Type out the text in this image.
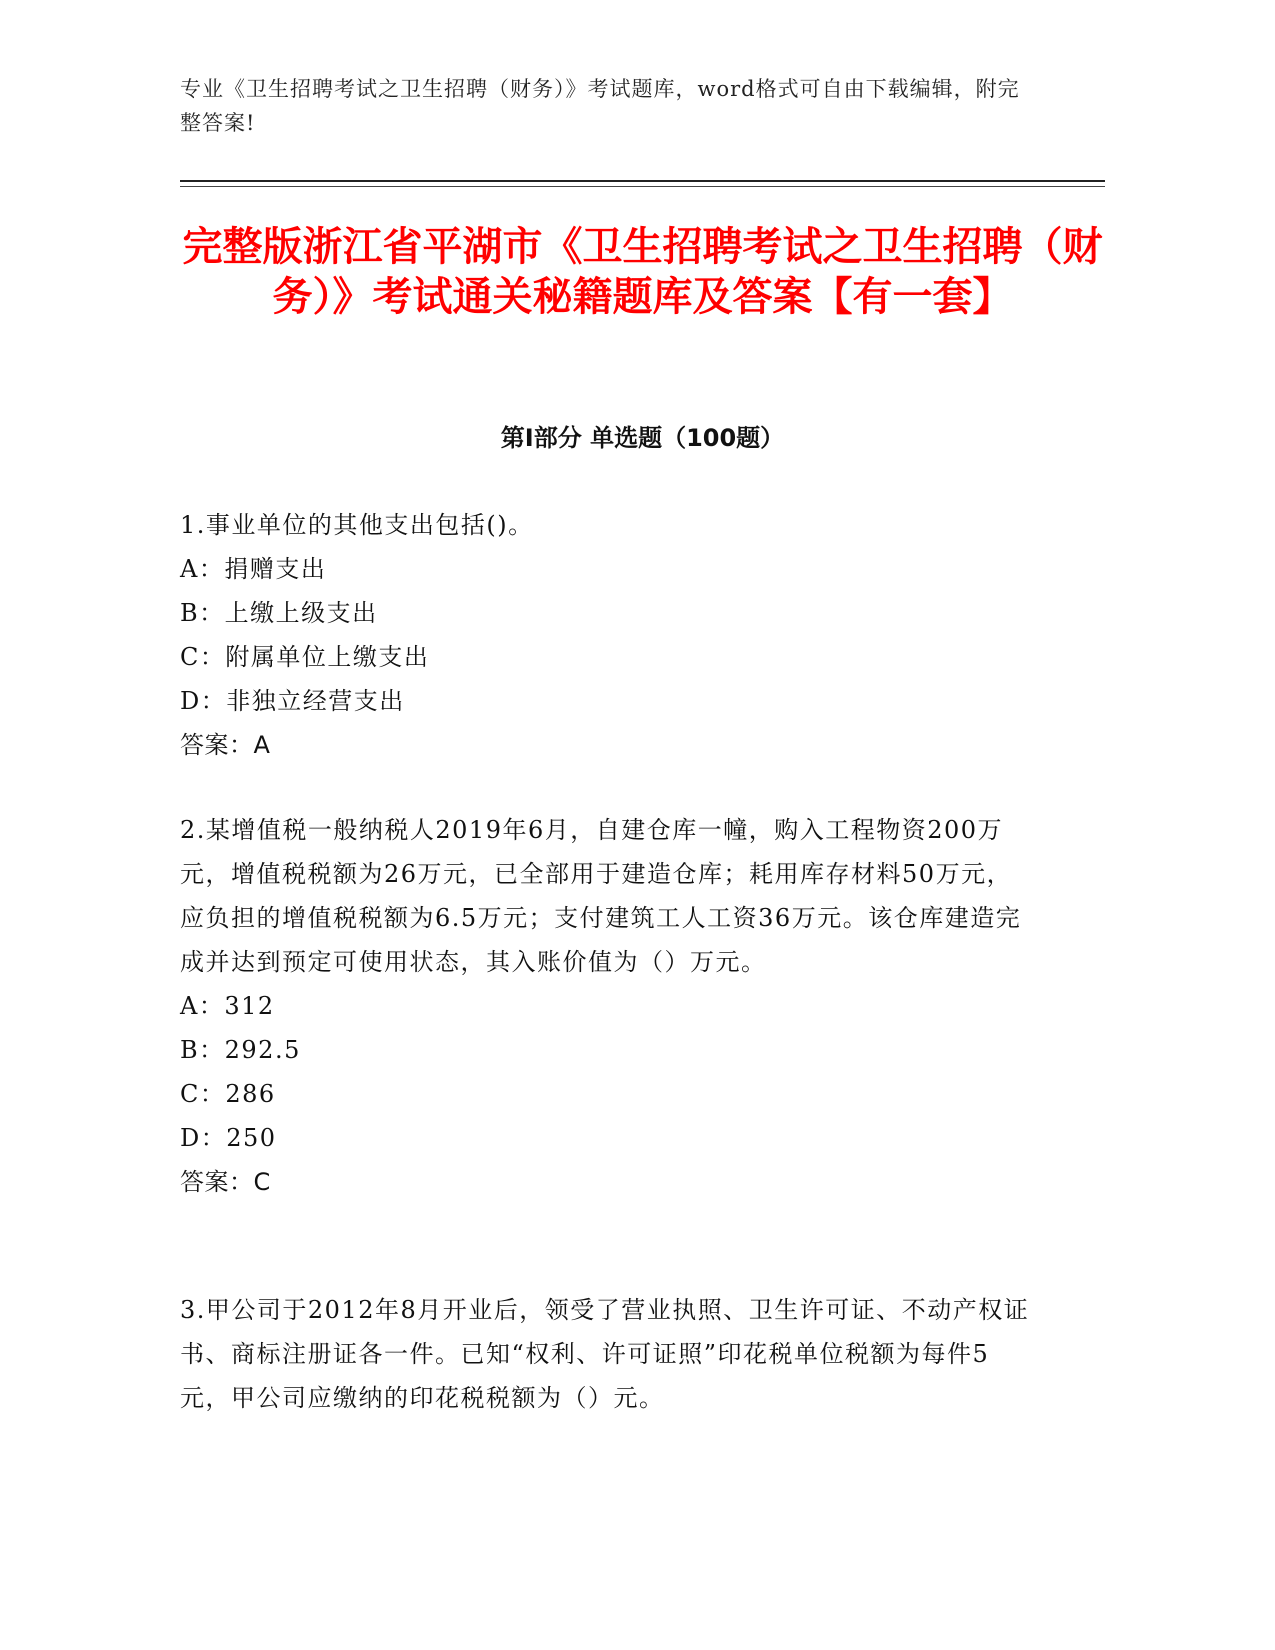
专业《卫生招聘考试之卫生招聘（财务）》考试题库，word格式可自由下载编辑，附完整答案!
完整版浙江省平湖市《卫生招聘考试之卫生招聘（财务）》考试通关秘籍题库及答案【有一套】
第I部分 单选题（100题）

1.事业单位的其他支出包括()。

A：捐赠支出

B：上缴上级支出

C：附属单位上缴支出

D：非独立经营支出

答案：A

2.某增值税一般纳税人2019年6月，自建仓库一幢，购入工程物资200万元，增值税税额为26万元，已全部用于建造仓库；耗用库存材料50万元，应负担的增值税税额为6.5万元；支付建筑工人工资36万元。该仓库建造完成并达到预定可使用状态，其入账价值为（）万元。

A：312

B：292.5

C：286

D：250

答案：C

3.甲公司于2012年8月开业后，领受了营业执照、卫生许可证、不动产权证书、商标注册证各一件。已知“权利、许可证照”印花税单位税额为每件5元，甲公司应缴纳的印花税税额为（）元。
